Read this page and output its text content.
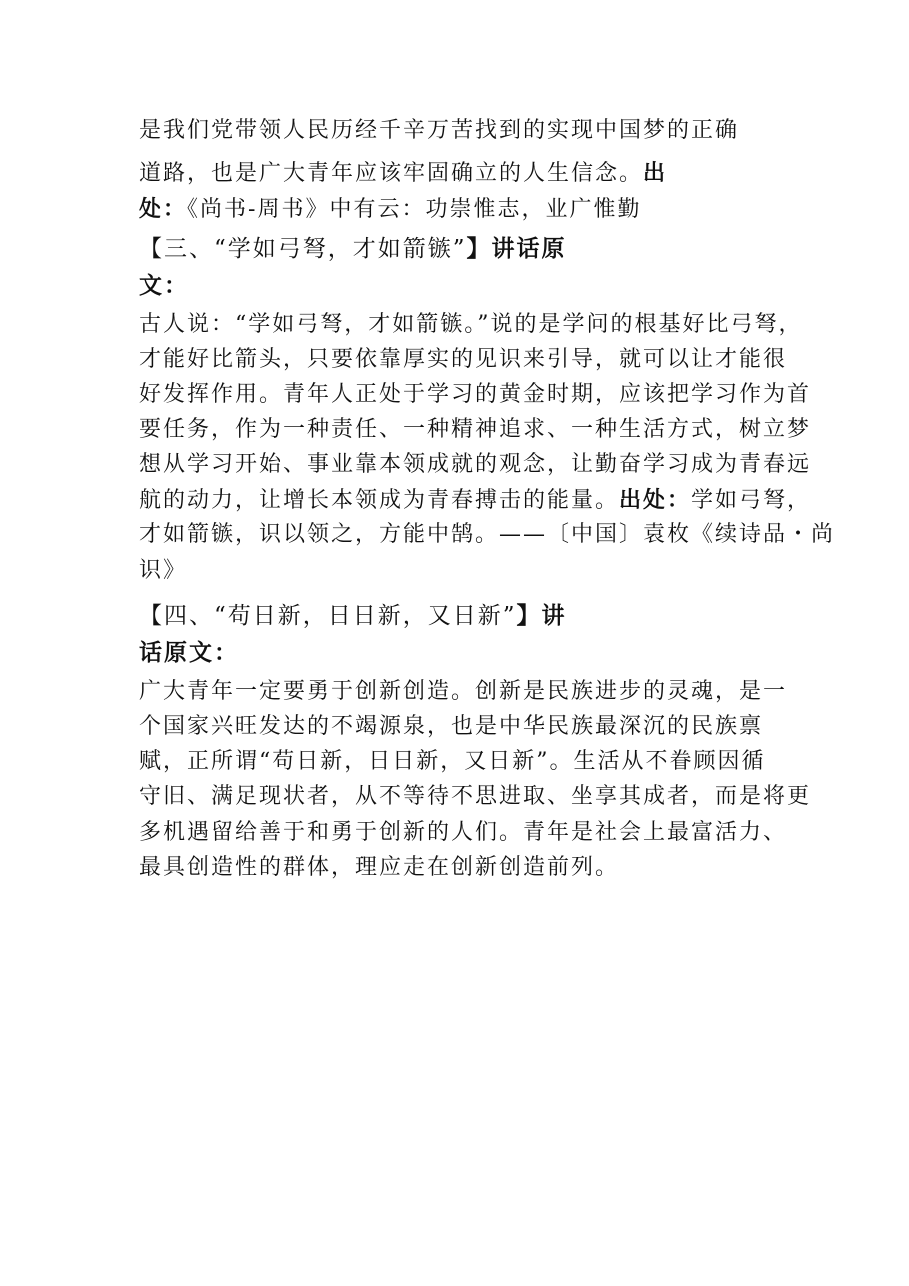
是我们党带领人民历经千辛万苦找到的实现中国梦的正确
道路，也是广大青年应该牢固确立的人生信念。出
处：《尚书-周书》中有云：功崇惟志，业广惟勤
【三、“学如弓弩，才如箭镞”】讲话原
文：
古人说：“学如弓弩，才如箭镞。”说的是学问的根基好比弓弩，
才能好比箭头，只要依靠厚实的见识来引导，就可以让才能很
好发挥作用。青年人正处于学习的黄金时期，应该把学习作为首
要任务，作为一种责任、一种精神追求、一种生活方式，树立梦
想从学习开始、事业靠本领成就的观念，让勤奋学习成为青春远
航的动力，让增长本领成为青春搏击的能量。出处：学如弓弩，
才如箭镞，识以领之，方能中鹄。——〔中国〕袁枚《续诗品・尚
识》
【四、“苟日新，日日新，又日新”】讲
话原文：
广大青年一定要勇于创新创造。创新是民族进步的灵魂，是一
个国家兴旺发达的不竭源泉，也是中华民族最深沉的民族禀
赋，正所谓“苟日新，日日新，又日新”。生活从不眷顾因循
守旧、满足现状者，从不等待不思进取、坐享其成者，而是将更
多机遇留给善于和勇于创新的人们。青年是社会上最富活力、
最具创造性的群体，理应走在创新创造前列。
